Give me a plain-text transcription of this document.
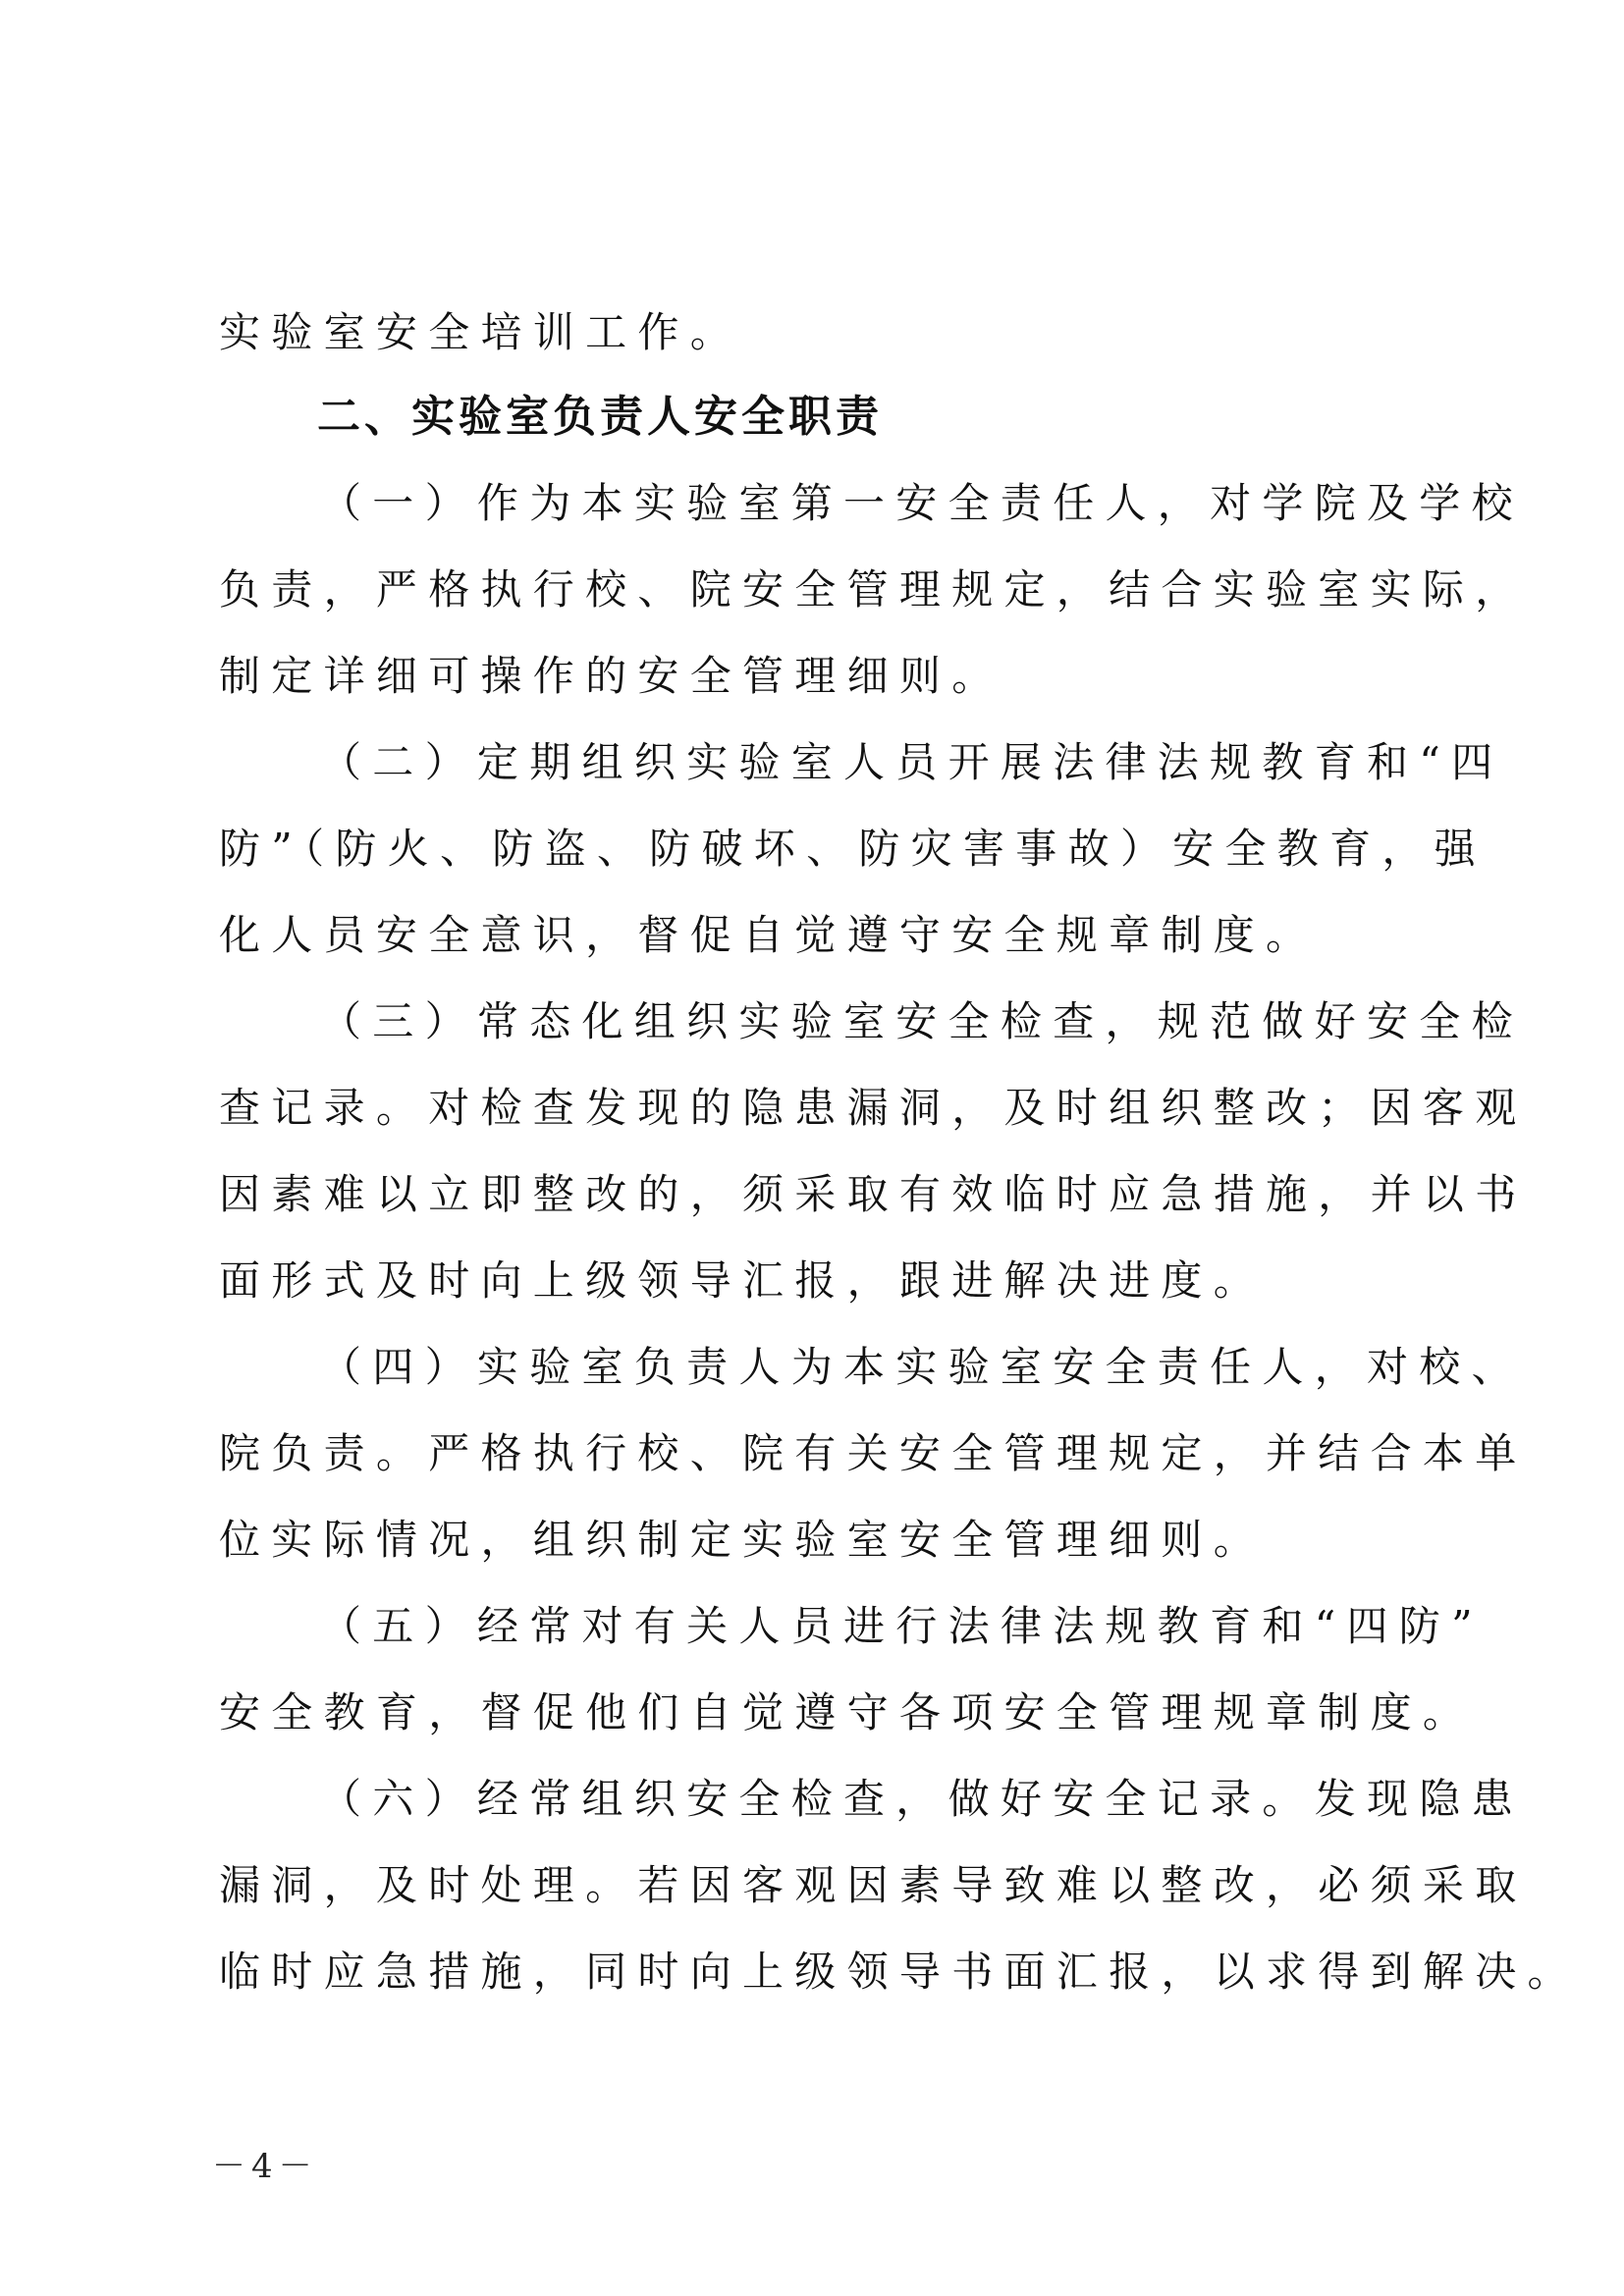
实验室安全培训工作。
二、实验室负责人安全职责
（一）作为本实验室第一安全责任人，对学院及学校
负责，严格执行校、院安全管理规定，结合实验室实际，
制定详细可操作的安全管理细则。
（二）定期组织实验室人员开展法律法规教育和“四
防”（防火、防盗、防破坏、防灾害事故）安全教育，强
化人员安全意识，督促自觉遵守安全规章制度。
（三）常态化组织实验室安全检查，规范做好安全检
查记录。对检查发现的隐患漏洞，及时组织整改；因客观
因素难以立即整改的，须采取有效临时应急措施，并以书
面形式及时向上级领导汇报，跟进解决进度。
（四）实验室负责人为本实验室安全责任人，对校、
院负责。严格执行校、院有关安全管理规定，并结合本单
位实际情况，组织制定实验室安全管理细则。
（五）经常对有关人员进行法律法规教育和“四防”
安全教育，督促他们自觉遵守各项安全管理规章制度。
（六）经常组织安全检查，做好安全记录。发现隐患
漏洞，及时处理。若因客观因素导致难以整改，必须采取
临时应急措施，同时向上级领导书面汇报，以求得到解决。
－4－
